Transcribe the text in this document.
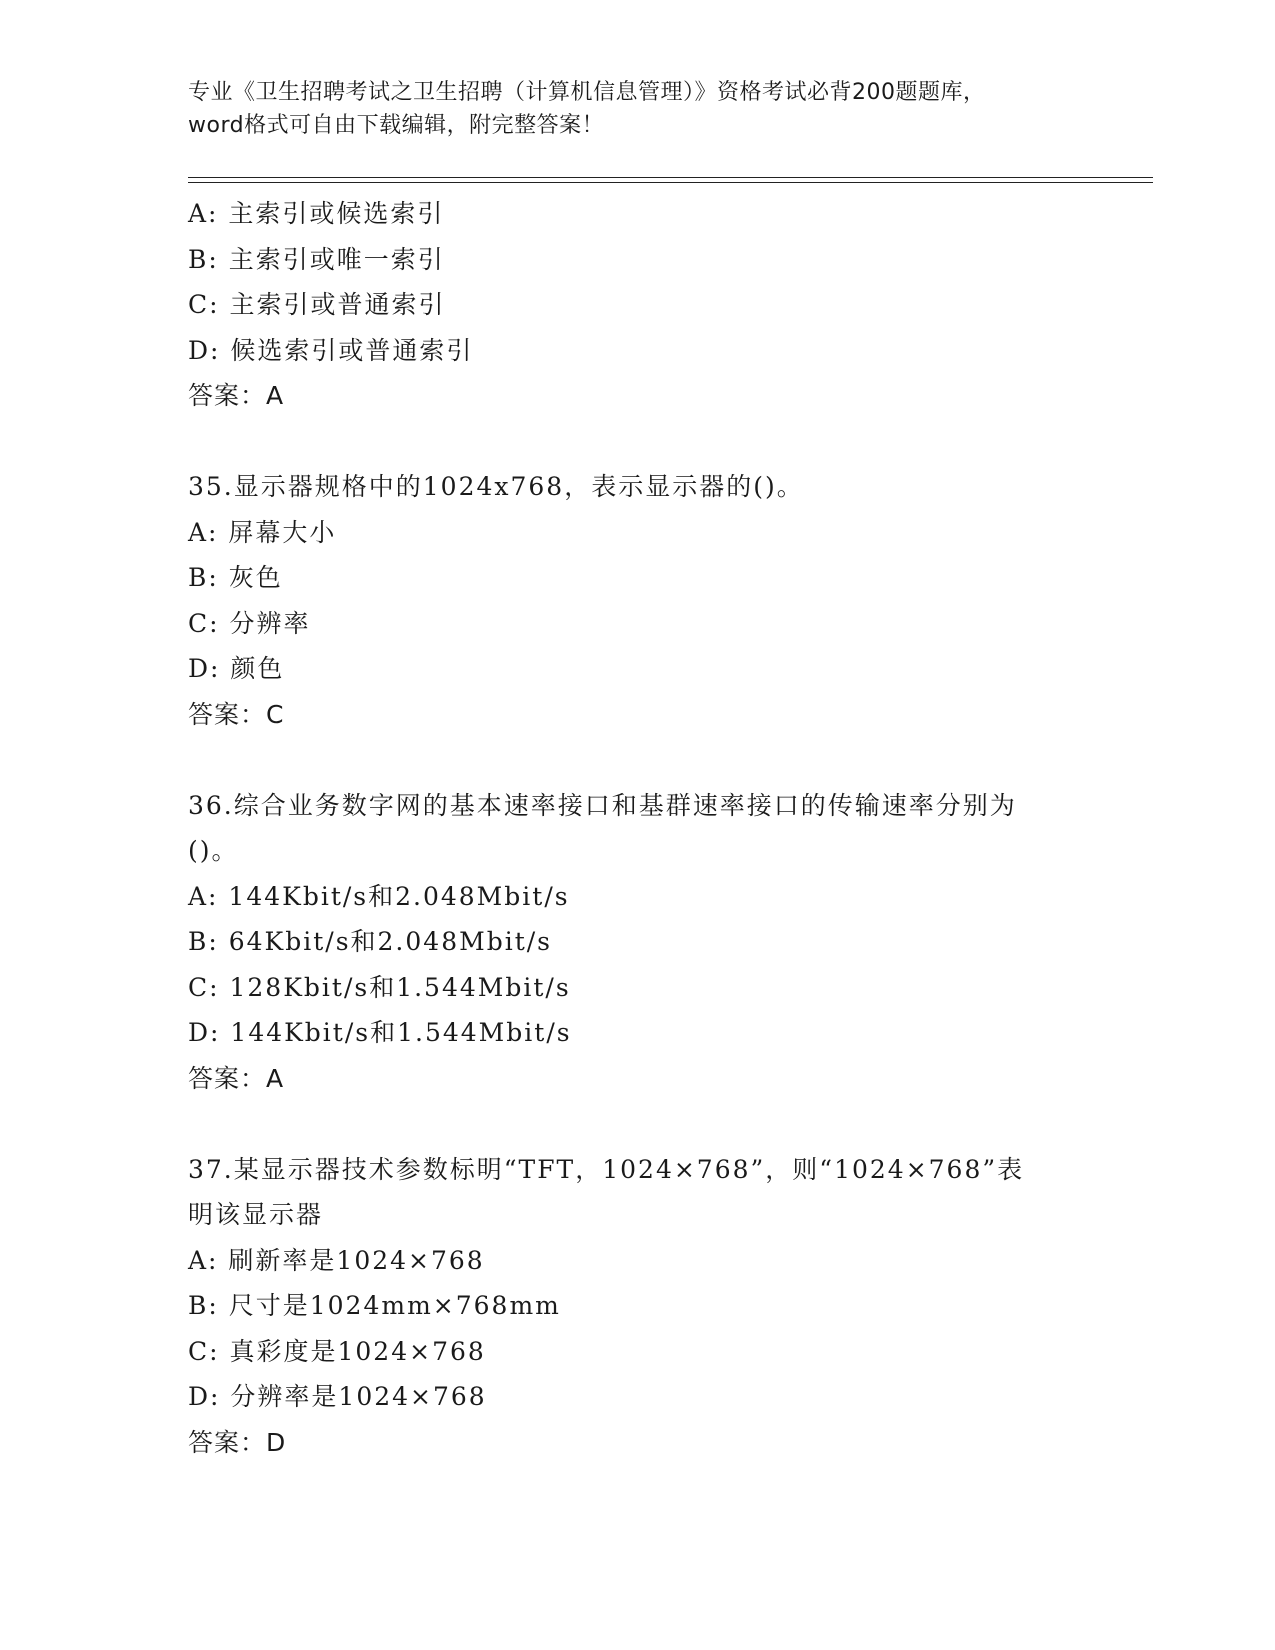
专业《卫生招聘考试之卫生招聘（计算机信息管理）》资格考试必背200题题库，
word格式可自由下载编辑，附完整答案！
A: 主索引或候选索引
B: 主索引或唯一索引
C: 主索引或普通索引
D: 候选索引或普通索引
答案：A
35.显示器规格中的1024x768，表示显示器的()。
A: 屏幕大小
B: 灰色
C: 分辨率
D: 颜色
答案：C
36.综合业务数字网的基本速率接口和基群速率接口的传输速率分别为
()。
A: 144Kbit/s和2.048Mbit/s
B: 64Kbit/s和2.048Mbit/s
C: 128Kbit/s和1.544Mbit/s
D: 144Kbit/s和1.544Mbit/s
答案：A
37.某显示器技术参数标明“TFT，1024×768”，则“1024×768”表
明该显示器
A: 刷新率是1024×768
B: 尺寸是1024mm×768mm
C: 真彩度是1024×768
D: 分辨率是1024×768
答案：D
